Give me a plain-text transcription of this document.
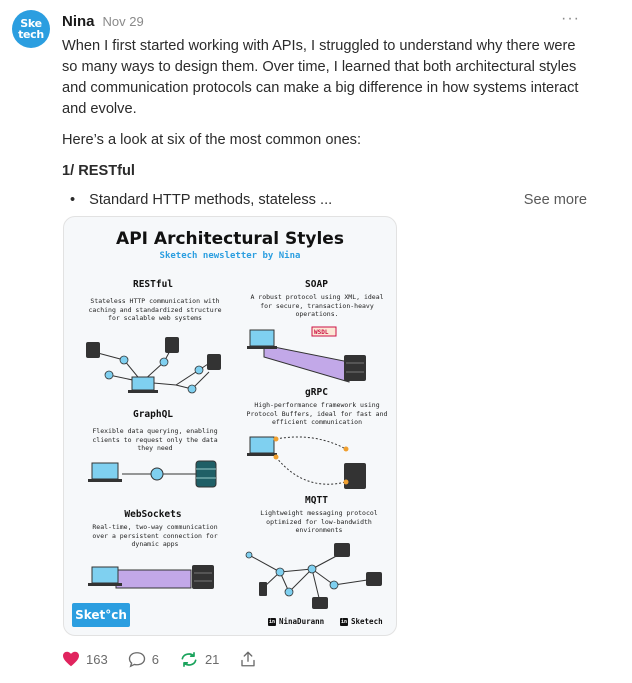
Ske
tech
Nina Nov 29	···

When I first started working with APIs, I struggled to understand why there were so many ways to design them. Over time, I learned that both architectural styles and communication protocols can make a big difference in how systems interact and evolve.

Here’s a look at six of the most common ones:

1/ RESTful
• Standard HTTP methods, stateless ...	See more
API Architectural Styles
Sketech newsletter by Nina
RESTful
Stateless HTTP communication with caching and standardized structure for scalable web systems
SOAP
A robust protocol using XML, ideal for secure, transaction-heavy operations.
gRPC
High-performance framework using Protocol Buffers, ideal for fast and efficient communication
GraphQL
Flexible data querying, enabling clients to request only the data they need
WebSockets
Real-time, two-way communication over a persistent connection for dynamic apps
MQTT
Lightweight messaging protocol optimized for low-bandwidth environments
WSDL
Sket°ch	in NinaDurann	in Sketech
163	6	21
